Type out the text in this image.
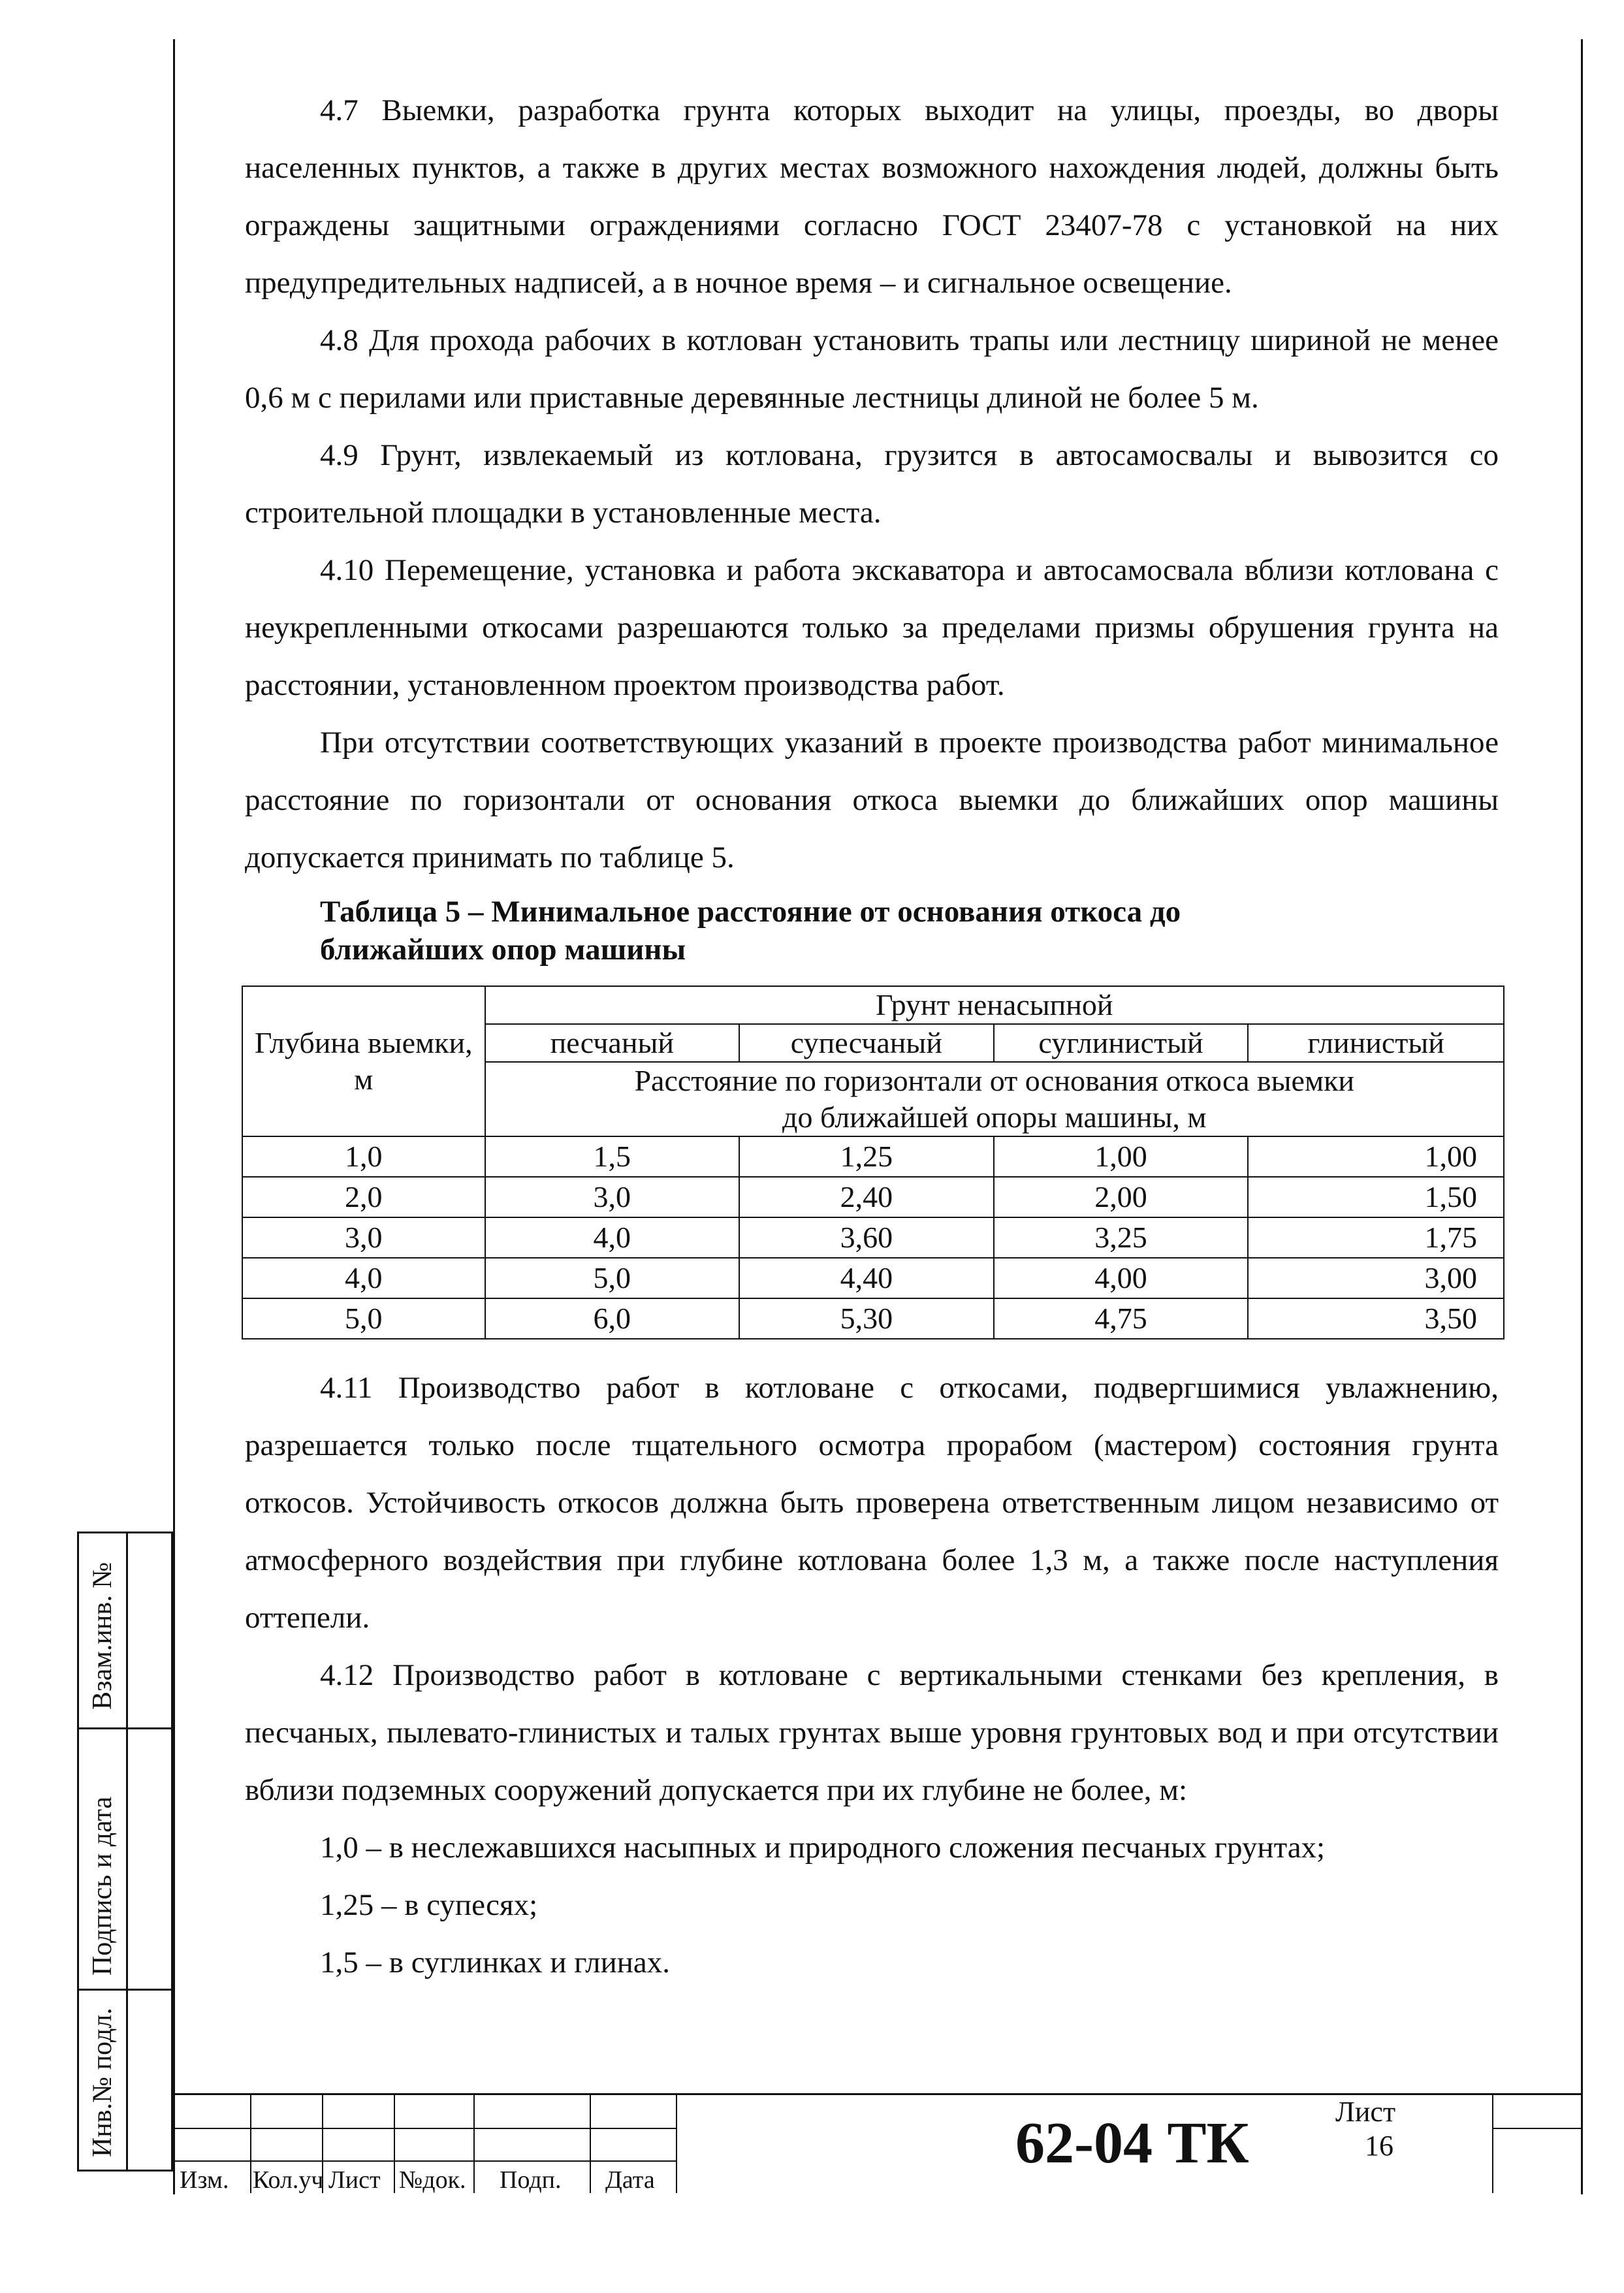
4.7 Выемки, разработка грунта которых выходит на улицы, проезды, во дворы населенных пунктов, а также в других местах возможного нахождения людей, должны быть ограждены защитными ограждениями согласно ГОСТ 23407-78 с установкой на них предупредительных надписей, а в ночное время – и сигнальное освещение.

4.8 Для прохода рабочих в котлован установить трапы или лестницу шириной не менее 0,6 м с перилами или приставные деревянные лестницы длиной не более 5 м.

4.9 Грунт, извлекаемый из котлована, грузится в автосамосвалы и вывозится со строительной площадки в установленные места.

4.10 Перемещение, установка и работа экскаватора и автосамосвала вблизи котлована с неукрепленными откосами разрешаются только за пределами призмы обрушения грунта на расстоянии, установленном проектом производства работ.

При отсутствии соответствующих указаний в проекте производства работ минимальное расстояние по горизонтали от основания откоса выемки до ближайших опор машины допускается принимать по таблице 5.

Таблица 5 – Минимальное расстояние от основания откоса до
ближайших опор машины
Глубина выемки,
м	Грунт ненасыпной			
	песчаный	супесчаный	суглинистый	глинистый

	Расстояние по горизонтали от основания откоса выемки
до ближайшей опоры машины, м			

1,0	1,5	1,25	1,00	1,00
2,0	3,0	2,40	2,00	1,50
3,0	4,0	3,60	3,25	1,75
4,0	5,0	4,40	4,00	3,00
5,0	6,0	5,30	4,75	3,50

4.11 Производство работ в котловане с откосами, подвергшимися увлажнению, разрешается только после тщательного осмотра прорабом (мастером) состояния грунта откосов. Устойчивость откосов должна быть проверена ответственным лицом независимо от атмосферного воздействия при глубине котлована более 1,3 м, а также после наступления оттепели.

4.12 Производство работ в котловане с вертикальными стенками без крепления, в песчаных, пылевато-глинистых и талых грунтах выше уровня грунтовых вод и при отсутствии вблизи подземных сооружений допускается при их глубине не более, м:

1,0 – в неслежавшихся насыпных и природного сложения песчаных грунтах;

1,25 – в супесях;

1,5 – в суглинках и глинах.

Взам.инв. №
Подпись и дата
Инв.№ подл.
Изм. Кол.уч Лист №док. Подп. Дата
62-04 ТК	Лист
16
